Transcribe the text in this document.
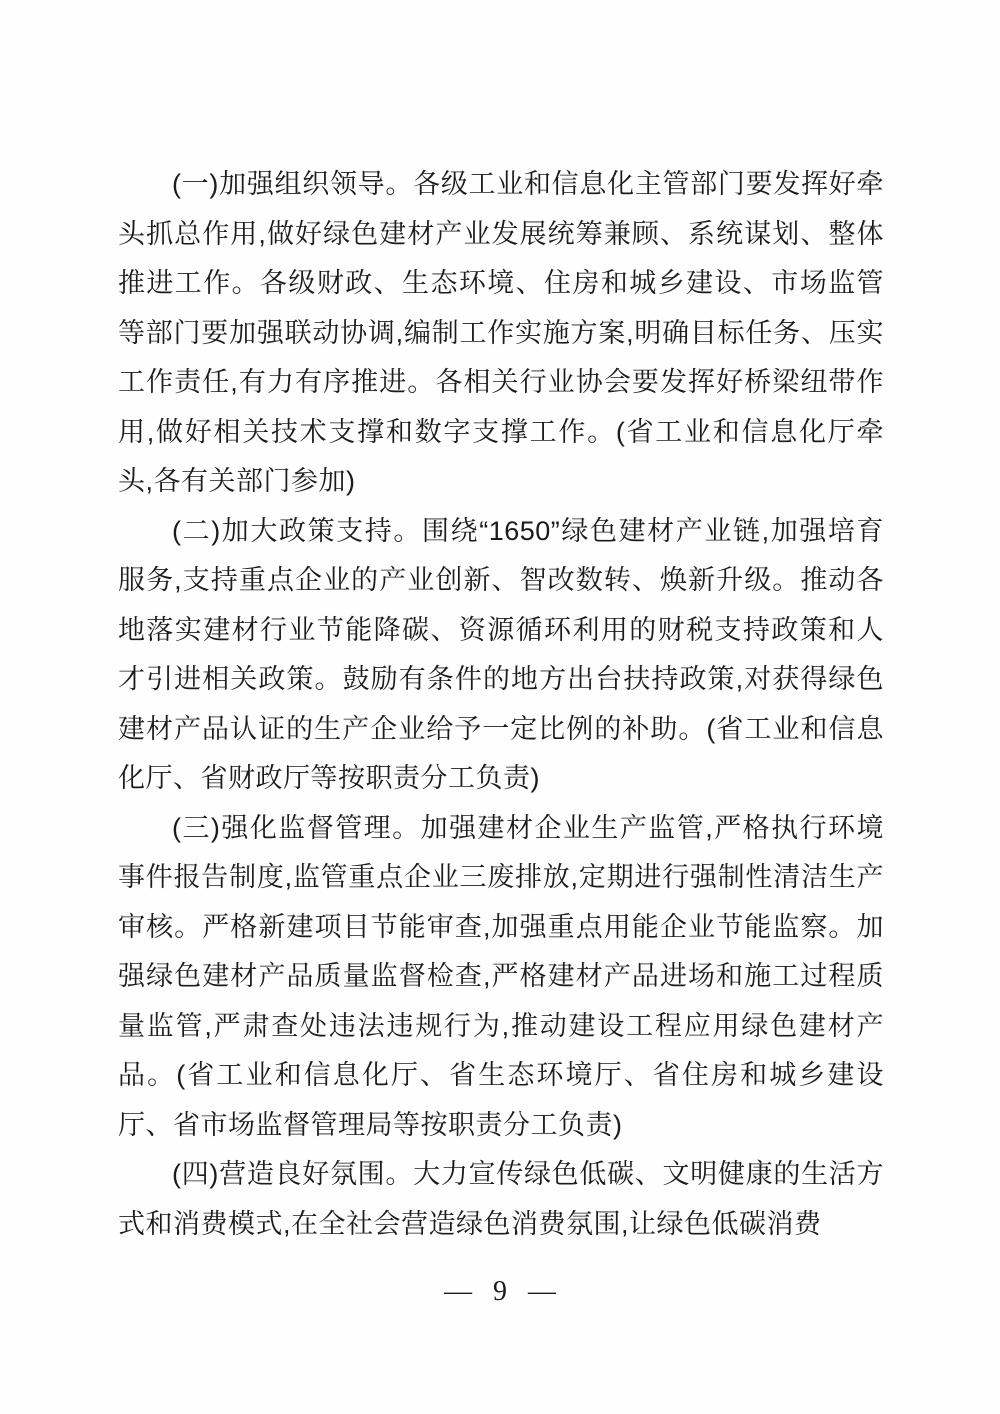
(一)加强组织领导。各级工业和信息化主管部门要发挥好牵头抓总作用,做好绿色建材产业发展统筹兼顾、系统谋划、整体推进工作。各级财政、生态环境、住房和城乡建设、市场监管等部门要加强联动协调,编制工作实施方案,明确目标任务、压实工作责任,有力有序推进。各相关行业协会要发挥好桥梁纽带作用,做好相关技术支撑和数字支撑工作。(省工业和信息化厅牵头,各有关部门参加)

(二)加大政策支持。围绕“1650”绿色建材产业链,加强培育服务,支持重点企业的产业创新、智改数转、焕新升级。推动各地落实建材行业节能降碳、资源循环利用的财税支持政策和人才引进相关政策。鼓励有条件的地方出台扶持政策,对获得绿色建材产品认证的生产企业给予一定比例的补助。(省工业和信息化厅、省财政厅等按职责分工负责)

(三)强化监督管理。加强建材企业生产监管,严格执行环境事件报告制度,监管重点企业三废排放,定期进行强制性清洁生产审核。严格新建项目节能审查,加强重点用能企业节能监察。加强绿色建材产品质量监督检查,严格建材产品进场和施工过程质量监管,严肃查处违法违规行为,推动建设工程应用绿色建材产品。(省工业和信息化厅、省生态环境厅、省住房和城乡建设厅、省市场监督管理局等按职责分工负责)

(四)营造良好氛围。大力宣传绿色低碳、文明健康的生活方式和消费模式,在全社会营造绿色消费氛围,让绿色低碳消费

— 9 —
